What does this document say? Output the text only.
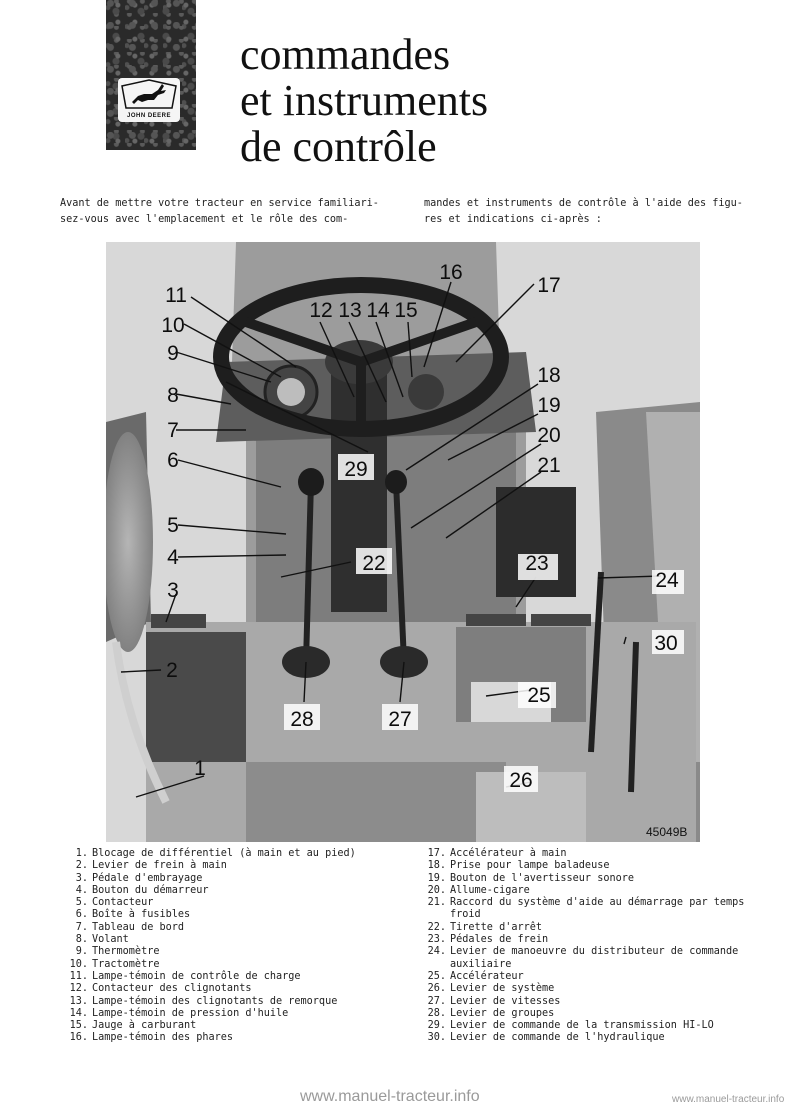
JOHN DEERE
commandes
et instruments
de contrôle
Avant de mettre votre tracteur en service familiari-
sez-vous avec l'emplacement et le rôle des com-
mandes et instruments de contrôle à l'aide des figu-
res et indications ci-après :
1
2
3
4
5
6
7
8
9
10
11
12 13 14 15
16
17
18
19
20
21
22	23
24
25
26
27
28
29
30
45049B
1. Blocage de différentiel (à main et au pied)
2. Levier de frein à main
3. Pédale d'embrayage
4. Bouton du démarreur
5. Contacteur
6. Boîte à fusibles
7. Tableau de bord
8. Volant
9. Thermomètre
10. Tractomètre
11. Lampe-témoin de contrôle de charge
12. Contacteur des clignotants
13. Lampe-témoin des clignotants de remorque
14. Lampe-témoin de pression d'huile
15. Jauge à carburant
16. Lampe-témoin des phares
17. Accélérateur à main
18. Prise pour lampe baladeuse
19. Bouton de l'avertisseur sonore
20. Allume-cigare
21. Raccord du système d'aide au démarrage par temps froid
22. Tirette d'arrêt
23. Pédales de frein
24. Levier de manoeuvre du distributeur de commande auxiliaire
25. Accélérateur
26. Levier de système
27. Levier de vitesses
28. Levier de groupes
29. Levier de commande de la transmission HI-LO
30. Levier de commande de l'hydraulique
www.manuel-tracteur.info	www.manuel-tracteur.info
